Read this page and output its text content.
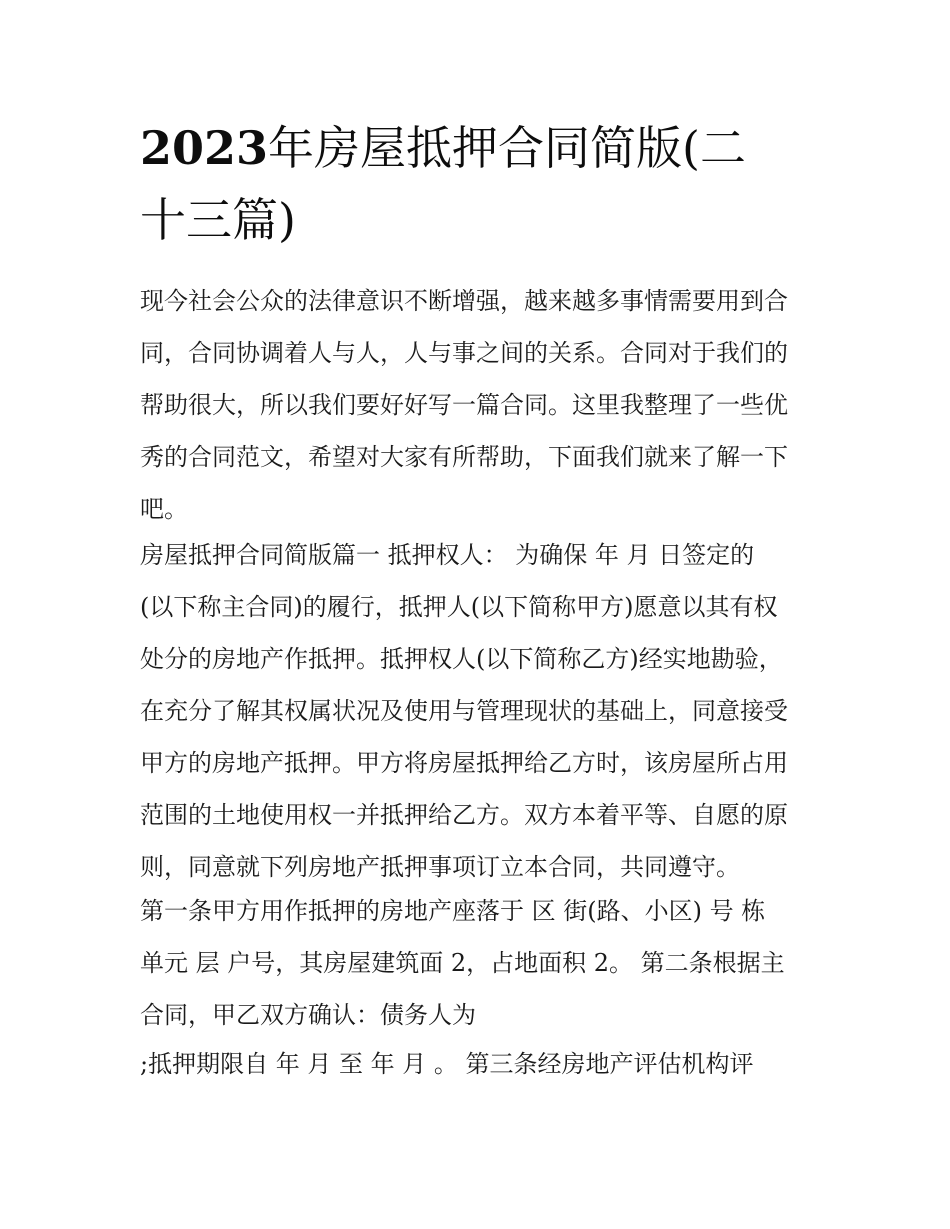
2023年房屋抵押合同简版(二
十三篇)
现今社会公众的法律意识不断增强，越来越多事情需要用到合
同，合同协调着人与人，人与事之间的关系。合同对于我们的
帮助很大，所以我们要好好写一篇合同。这里我整理了一些优
秀的合同范文，希望对大家有所帮助，下面我们就来了解一下
吧。
房屋抵押合同简版篇一 抵押权人： 为确保 年 月 日签定的
(以下称主合同)的履行，抵押人(以下简称甲方)愿意以其有权
处分的房地产作抵押。抵押权人(以下简称乙方)经实地勘验，
在充分了解其权属状况及使用与管理现状的基础上，同意接受
甲方的房地产抵押。甲方将房屋抵押给乙方时，该房屋所占用
范围的土地使用权一并抵押给乙方。双方本着平等、自愿的原
则，同意就下列房地产抵押事项订立本合同，共同遵守。
第一条甲方用作抵押的房地产座落于 区 街(路、小区) 号 栋
单元 层 户号，其房屋建筑面 2，占地面积 2。 第二条根据主
合同，甲乙双方确认：债务人为
;抵押期限自 年 月 至 年 月 。 第三条经房地产评估机构评
